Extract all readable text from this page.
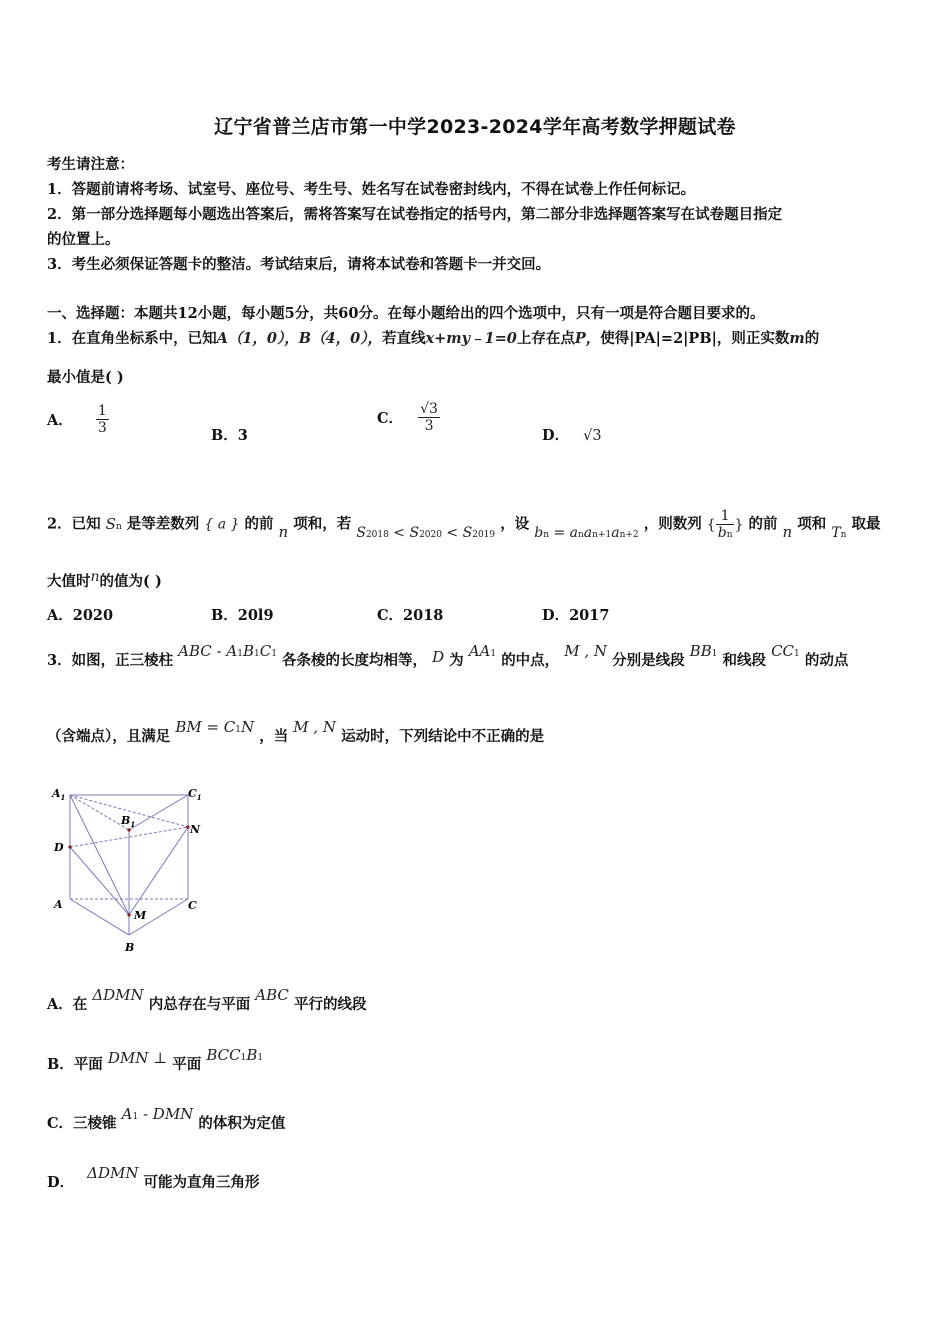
辽宁省普兰店市第一中学2023-2024学年高考数学押题试卷
考生请注意：
1．答题前请将考场、试室号、座位号、考生号、姓名写在试卷密封线内，不得在试卷上作任何标记。
2．第一部分选择题每小题选出答案后，需将答案写在试卷指定的括号内，第二部分非选择题答案写在试卷题目指定
的位置上。
3．考生必须保证答题卡的整洁。考试结束后，请将本试卷和答题卡一并交回。
一、选择题：本题共12小题，每小题5分，共60分。在每小题给出的四个选项中，只有一项是符合题目要求的。
1．在直角坐标系中，已知A（1，0），B（4，0），若直线x+my﹣1=0上存在点P，使得|PA|=2|PB|，则正实数m的
最小值是( )
A． $\frac{1}{3}$	B．3
C． $\frac{√3}{3}$
D． √3
2．已知 Sn 是等差数列 { a } 的前 n 项和，若 S2018 < S2020 < S2019 ，设 bn = anan+1an+2 ，则数列 { $\frac{1}{bn}$ } 的前 n 项和 Tn 取最
大值时n的值为( )
A．2020	B．20l9	C．2018	D．2017
3．如图，正三棱柱 ABC - A1B1C1 各条棱的长度均相等， D 为 AA1 的中点， M , N 分别是线段 BB1 和线段 CC1 的动点
（含端点），且满足 BM = C1N ，当 M , N 运动时，下列结论中不正确的是
$A_1$	$C_1$
$B_1$	N
D
A
M
C
B
A．在 ΔDMN 内总存在与平面 ABC 平行的线段
B．平面 DMN ⊥ 平面 BCC1B1
C．三棱锥 A1 - DMN 的体积为定值
D． ΔDMN 可能为直角三角形
